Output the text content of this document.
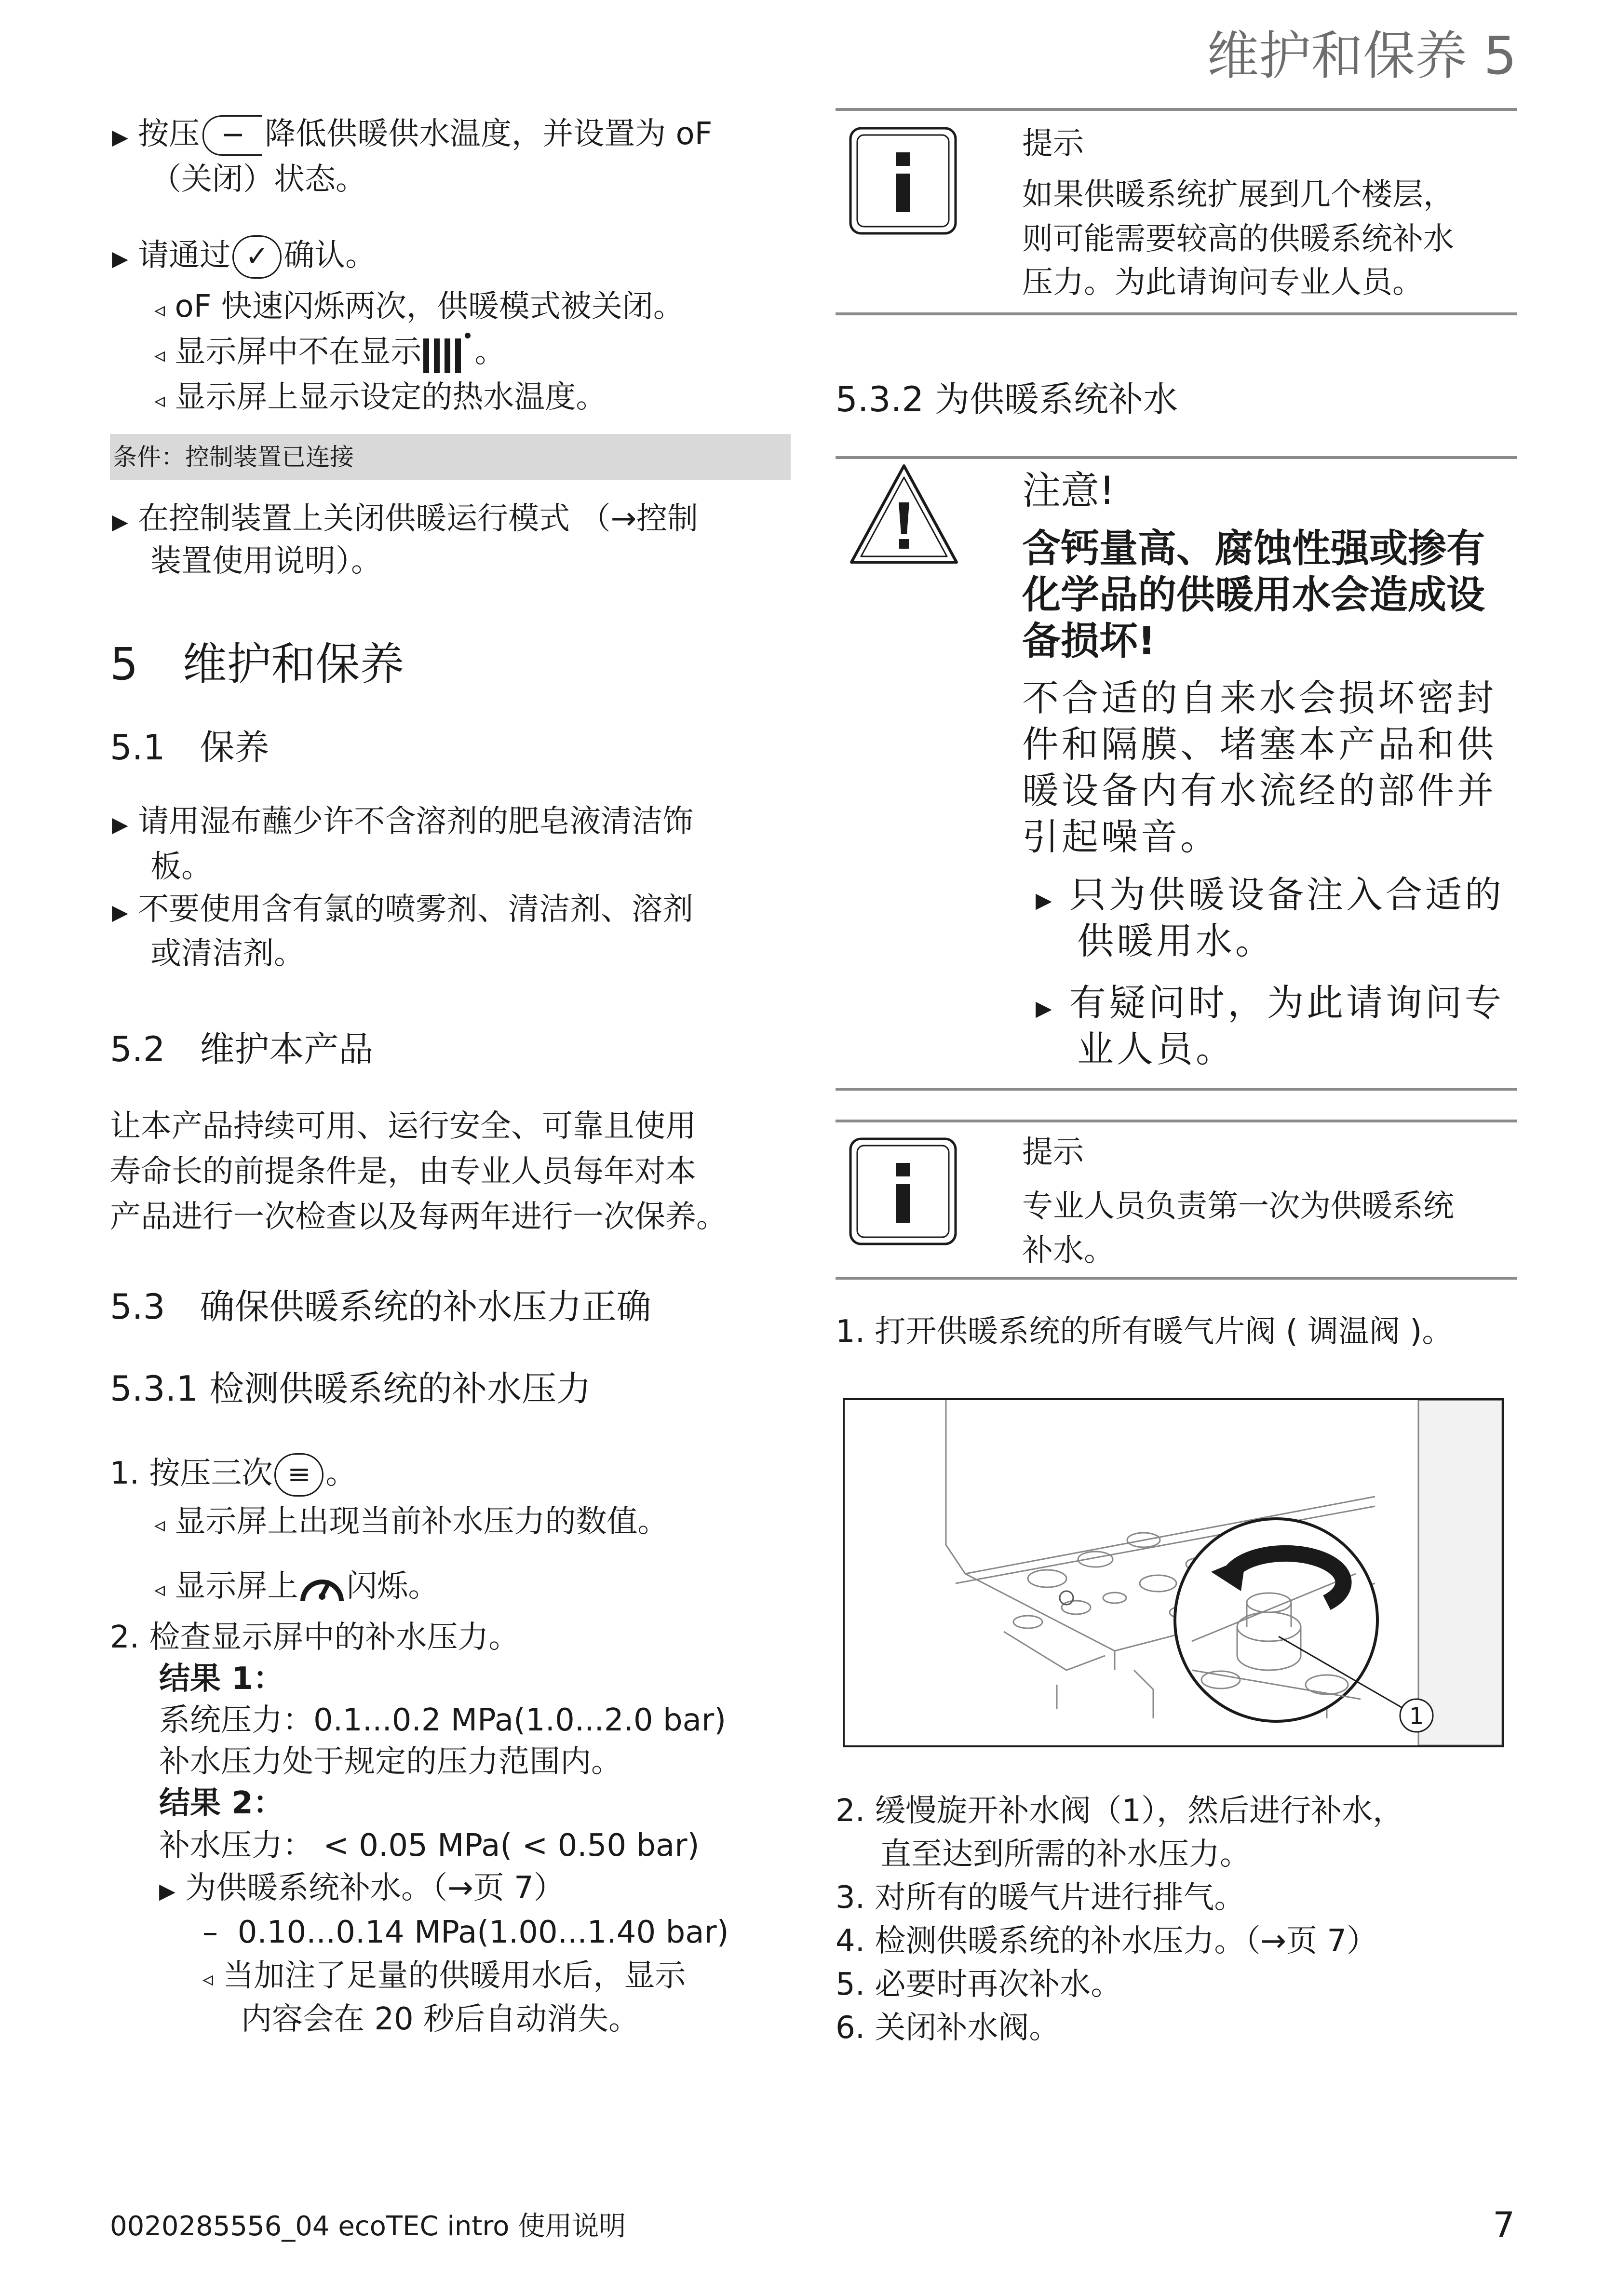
维护和保养 5
▶ 按压 − 降低供暖供水温度，并设置为 oF
（关闭）状态。
▶ 请通过 ✓ 确认。
◃ oF 快速闪烁两次，供暖模式被关闭。
◃ 显示屏中不在显示 。
◃ 显示屏上显示设定的热水温度。
条件：控制装置已连接
▶ 在控制装置上关闭供暖运行模式 （→控制
装置使用说明）。
5　维护和保养
5.1　保养
▶ 请用湿布蘸少许不含溶剂的肥皂液清洁饰
板。
▶ 不要使用含有氯的喷雾剂、清洁剂、溶剂
或清洁剂。
5.2　维护本产品
让本产品持续可用、运行安全、可靠且使用
寿命长的前提条件是，由专业人员每年对本
产品进行一次检查以及每两年进行一次保养。
5.3　确保供暖系统的补水压力正确
5.3.1 检测供暖系统的补水压力
1. 按压三次 ≡ 。
◃ 显示屏上出现当前补水压力的数值。
◃ 显示屏上 闪烁。
2. 检查显示屏中的补水压力。
结果 1：
系统压力：0.1...0.2 MPa(1.0...2.0 bar)
补水压力处于规定的压力范围内。
结果 2：
补水压力： < 0.05 MPa( < 0.50 bar)
▶ 为供暖系统补水。（→页 7）
– 0.10...0.14 MPa(1.00...1.40 bar)
◃ 当加注了足量的供暖用水后，显示
内容会在 20 秒后自动消失。
提示
如果供暖系统扩展到几个楼层，
则可能需要较高的供暖系统补水
压力。为此请询问专业人员。
5.3.2 为供暖系统补水
注意!
含钙量高、腐蚀性强或掺有
化学品的供暖用水会造成设
备损坏!
不合适的自来水会损坏密封
件和隔膜、堵塞本产品和供
暖设备内有水流经的部件并
引起噪音。
▶ 只为供暖设备注入合适的
供暖用水。
▶ 有疑问时，为此请询问专
业人员。
提示
专业人员负责第一次为供暖系统
补水。
1. 打开供暖系统的所有暖气片阀 ( 调温阀 )。
1
2. 缓慢旋开补水阀（1），然后进行补水，
直至达到所需的补水压力。
3. 对所有的暖气片进行排气。
4. 检测供暖系统的补水压力。（→页 7）
5. 必要时再次补水。
6. 关闭补水阀。
0020285556_04 ecoTEC intro 使用说明	7
